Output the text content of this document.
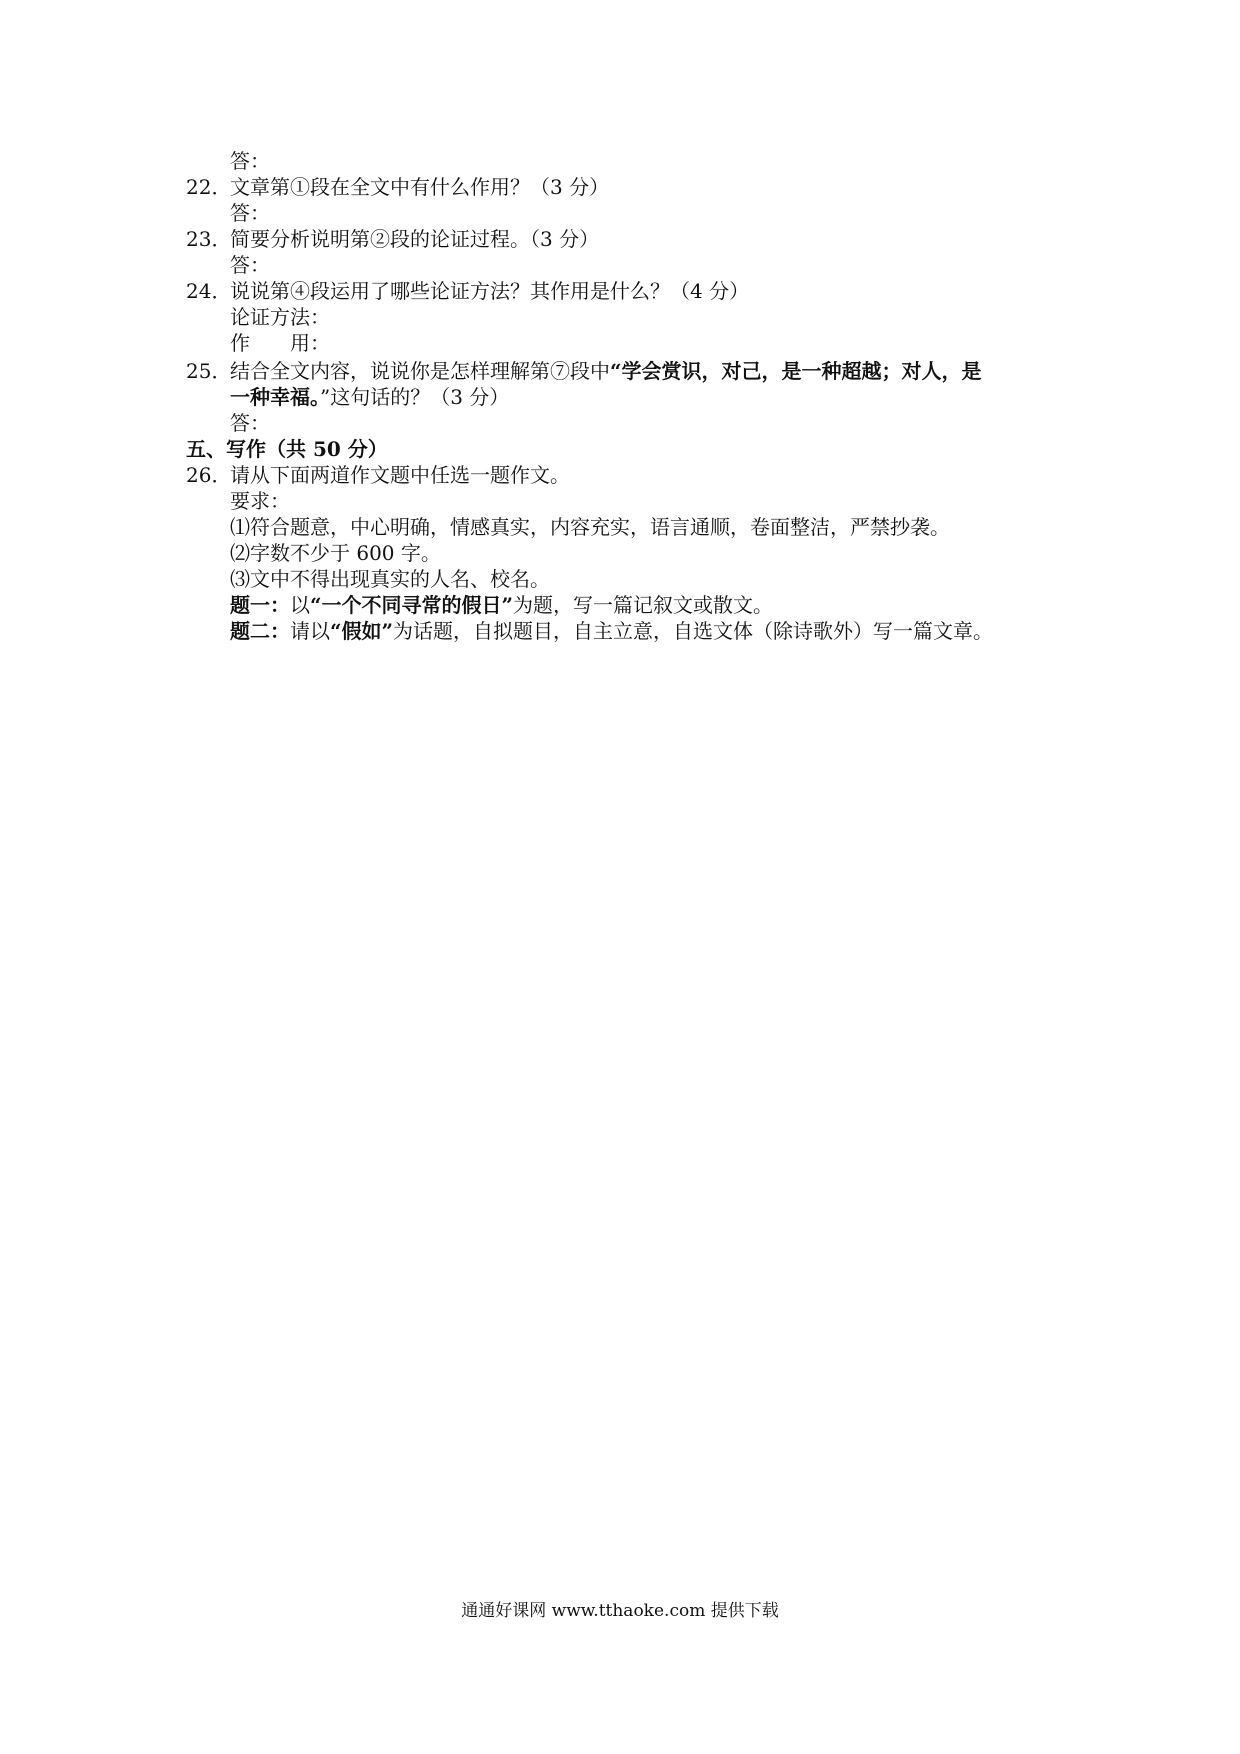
答：
22．
文章第①段在全文中有什么作用？（3 分）
答：
23．
简要分析说明第②段的论证过程。（3 分）
答：
24．
说说第④段运用了哪些论证方法？其作用是什么？（4 分）
论证方法：
作　　用：
25．
结合全文内容，说说你是怎样理解第⑦段中“学会赏识，对己，是一种超越；对人，是
一种幸福。”这句话的？（3 分）
答：
五、写作（共 50 分）
26．
请从下面两道作文题中任选一题作文。
要求：
⑴符合题意，中心明确，情感真实，内容充实，语言通顺，卷面整洁，严禁抄袭。
⑵字数不少于 600 字。
⑶文中不得出现真实的人名、校名。
题一：以“一个不同寻常的假日”为题，写一篇记叙文或散文。
题二：请以“假如”为话题，自拟题目，自主立意，自选文体（除诗歌外）写一篇文章。
通通好课网 www.tthaoke.com 提供下载
